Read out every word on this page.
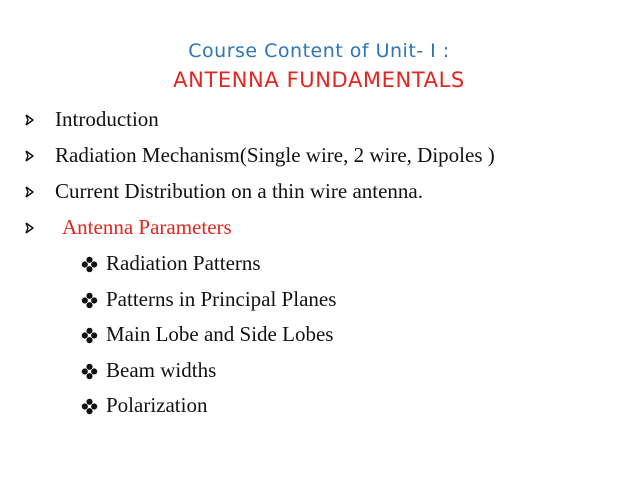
Course Content of Unit- I :
ANTENNA FUNDAMENTALS
Introduction
Radiation Mechanism(Single wire, 2 wire, Dipoles )
Current Distribution on a thin wire antenna.
Antenna Parameters
Radiation Patterns
Patterns in Principal Planes
Main Lobe and Side Lobes
Beam widths
Polarization
